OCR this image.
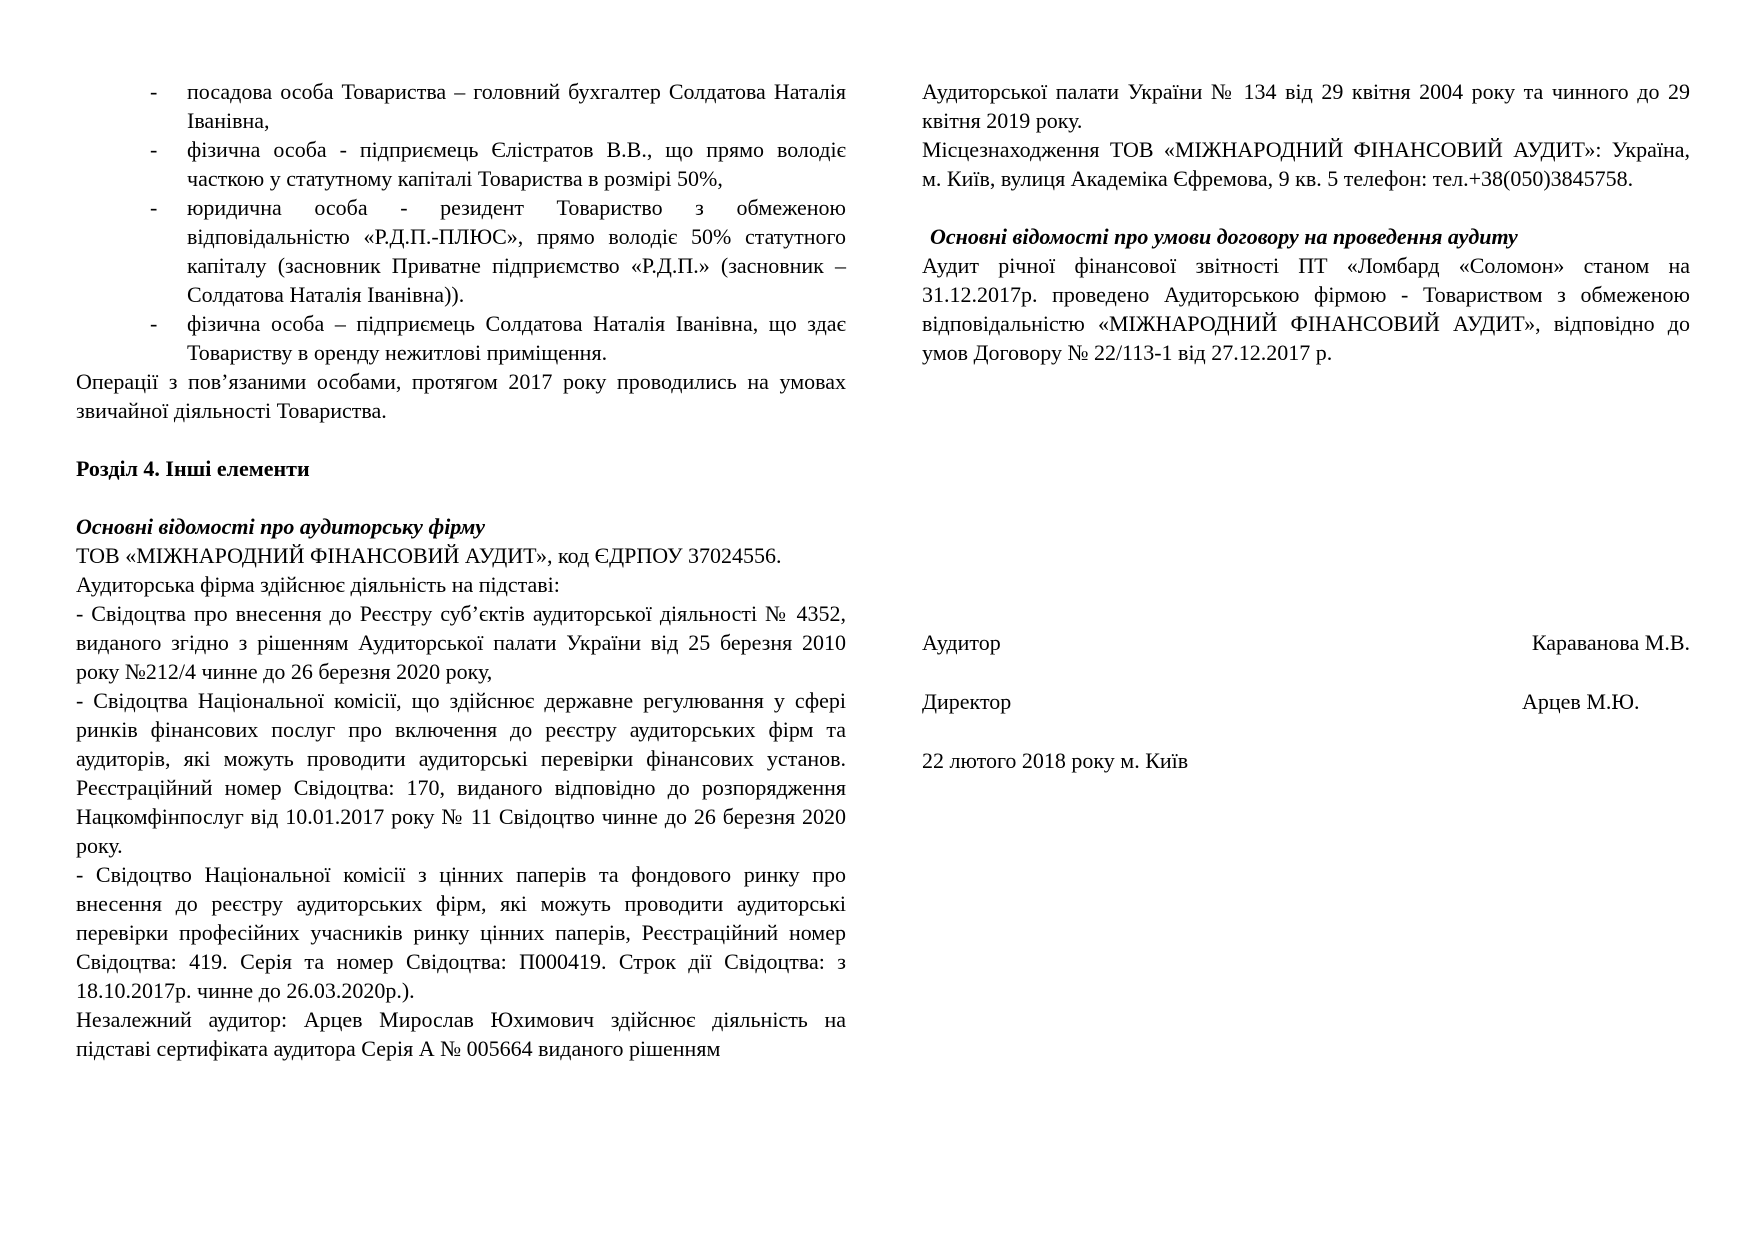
- посадова особа Товариства – головний бухгалтер Солдатова Наталія Іванівна,
- фізична особа - підприємець Єлістратов В.В., що прямо володіє часткою у статутному капіталі Товариства в розмірі 50%,
- юридична особа - резидент Товариство з обмеженою відповідальністю «Р.Д.П.-ПЛЮС», прямо володіє 50% статутного капіталу (засновник Приватне підприємство «Р.Д.П.» (засновник – Солдатова Наталія Іванівна)).
- фізична особа – підприємець Солдатова Наталія Іванівна, що здає Товариству в оренду нежитлові приміщення.

Операції з пов’язаними особами, протягом 2017 року проводились на умовах звичайної діяльності Товариства.

Розділ 4. Інші елементи

Основні відомості про аудиторську фірму

ТОВ «МІЖНАРОДНИЙ ФІНАНСОВИЙ АУДИТ», код ЄДРПОУ 37024556.

Аудиторська фірма здійснює діяльність на підставі:

- Свідоцтва про внесення до Реєстру суб’єктів аудиторської діяльності № 4352, виданого згідно з рішенням Аудиторської палати України від 25 березня 2010 року №212/4 чинне до 26 березня 2020 року,

- Свідоцтва Національної комісії, що здійснює державне регулювання у сфері ринків фінансових послуг про включення до реєстру аудиторських фірм та аудиторів, які можуть проводити аудиторські перевірки фінансових установ. Реєстраційний номер Свідоцтва: 170, виданого відповідно до розпорядження Нацкомфінпослуг від 10.01.2017 року № 11 Свідоцтво чинне до 26 березня 2020 року.

- Свідоцтво Національної комісії з цінних паперів та фондового ринку про внесення до реєстру аудиторських фірм, які можуть проводити аудиторські перевірки професійних учасників ринку цінних паперів, Реєстраційний номер Свідоцтва: 419. Серія та номер Свідоцтва: П000419. Строк дії Свідоцтва: з 18.10.2017р. чинне до 26.03.2020р.).

Незалежний аудитор: Арцев Мирослав Юхимович здійснює діяльність на підставі сертифіката аудитора Серія А № 005664 виданого рішенням

Аудиторської палати України № 134 від 29 квітня 2004 року та чинного до 29 квітня 2019 року.

Місцезнаходження ТОВ «МІЖНАРОДНИЙ ФІНАНСОВИЙ АУДИТ»: Україна, м. Київ, вулиця Академіка Єфремова, 9 кв. 5 телефон: тел.+38(050)3845758.

Основні відомості про умови договору на проведення аудиту

Аудит річної фінансової звітності ПТ «Ломбард «Соломон» станом на 31.12.2017р. проведено Аудиторською фірмою - Товариством з обмеженою відповідальністю «МІЖНАРОДНИЙ ФІНАНСОВИЙ АУДИТ», відповідно до умов Договору № 22/113-1 від 27.12.2017 р.

Аудитор	Караванова М.В.
Директор	Арцев М.Ю.

22 лютого 2018 року м. Київ
